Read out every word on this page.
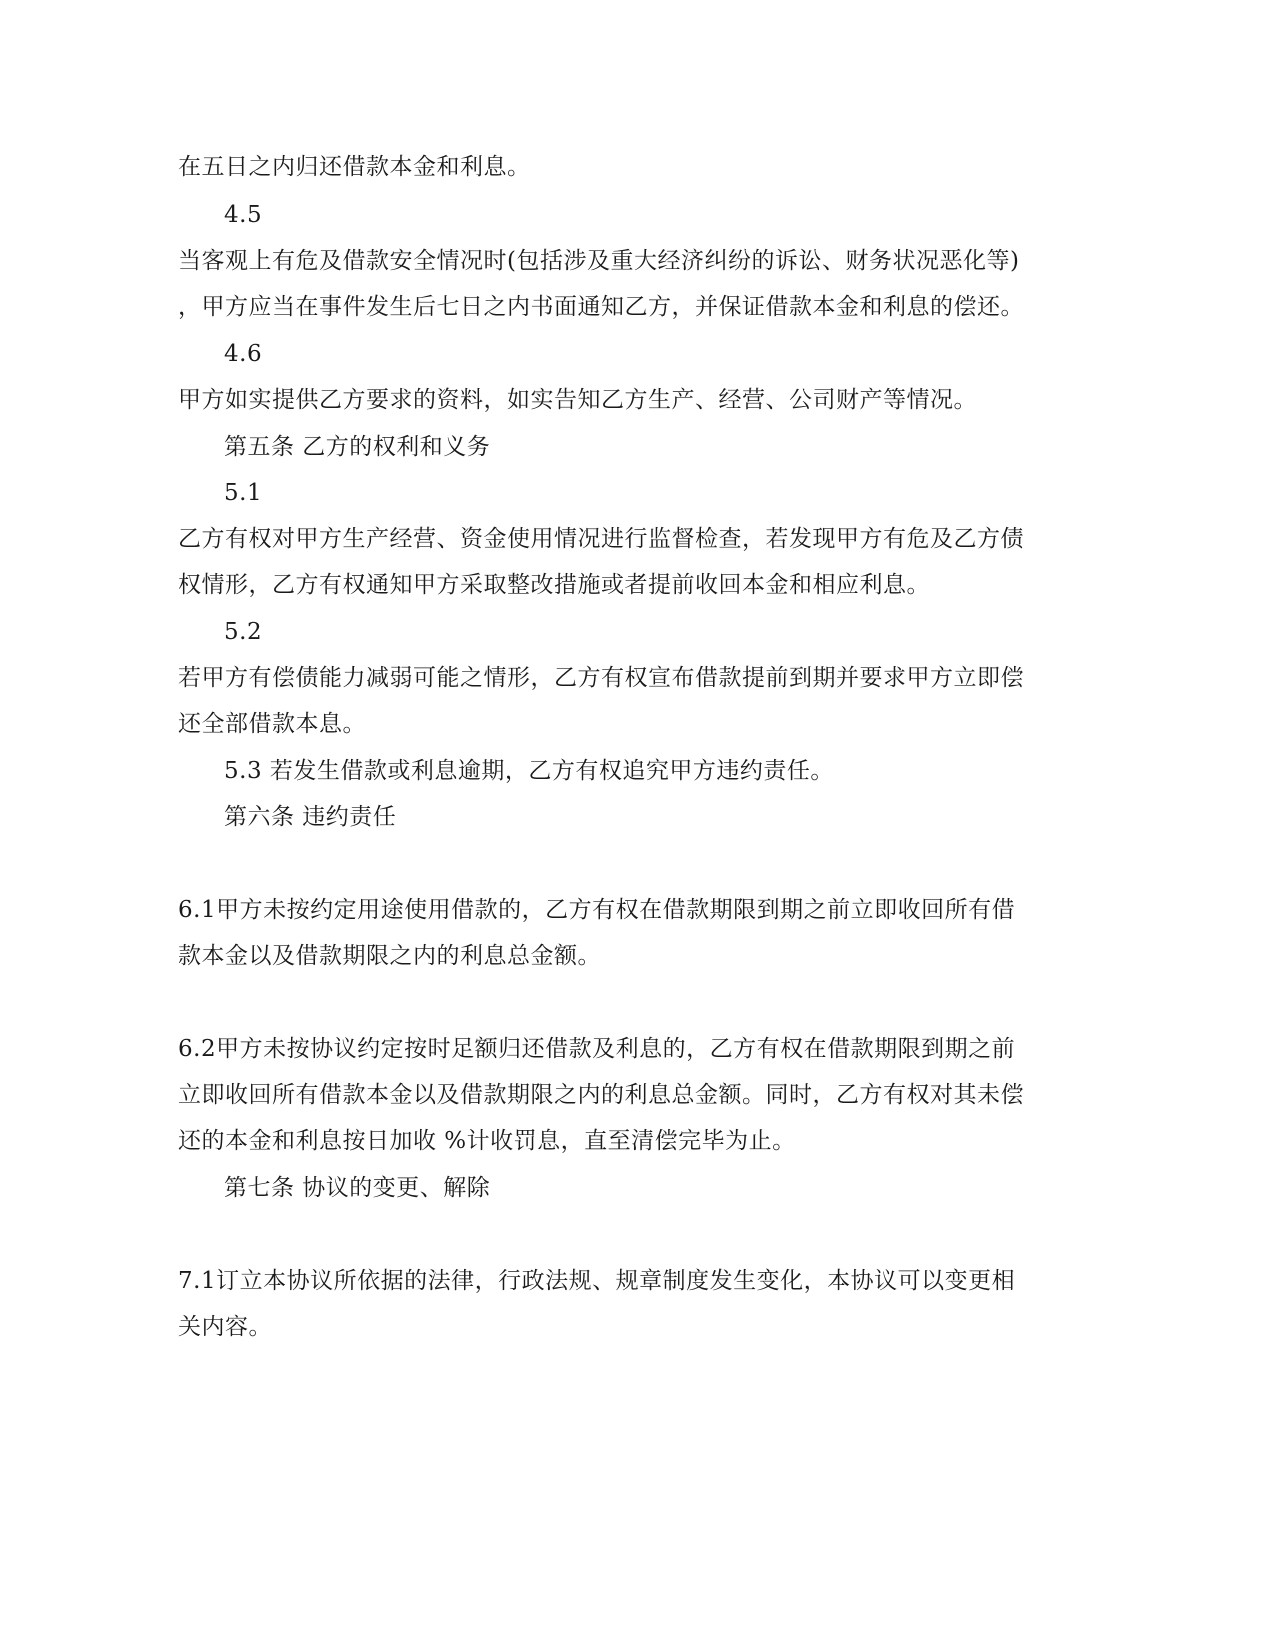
在五日之内归还借款本金和利息。

4.5

当客观上有危及借款安全情况时(包括涉及重大经济纠纷的诉讼、财务状况恶化等)

，甲方应当在事件发生后七日之内书面通知乙方，并保证借款本金和利息的偿还。

4.6

甲方如实提供乙方要求的资料，如实告知乙方生产、经营、公司财产等情况。

第五条 乙方的权利和义务

5.1

乙方有权对甲方生产经营、资金使用情况进行监督检查，若发现甲方有危及乙方债

权情形，乙方有权通知甲方采取整改措施或者提前收回本金和相应利息。

5.2

若甲方有偿债能力减弱可能之情形，乙方有权宣布借款提前到期并要求甲方立即偿

还全部借款本息。

5.3 若发生借款或利息逾期，乙方有权追究甲方违约责任。

第六条 违约责任

6.1甲方未按约定用途使用借款的，乙方有权在借款期限到期之前立即收回所有借

款本金以及借款期限之内的利息总金额。

6.2甲方未按协议约定按时足额归还借款及利息的，乙方有权在借款期限到期之前

立即收回所有借款本金以及借款期限之内的利息总金额。同时，乙方有权对其未偿

还的本金和利息按日加收 %计收罚息，直至清偿完毕为止。

第七条 协议的变更、解除

7.1订立本协议所依据的法律，行政法规、规章制度发生变化，本协议可以变更相

关内容。
